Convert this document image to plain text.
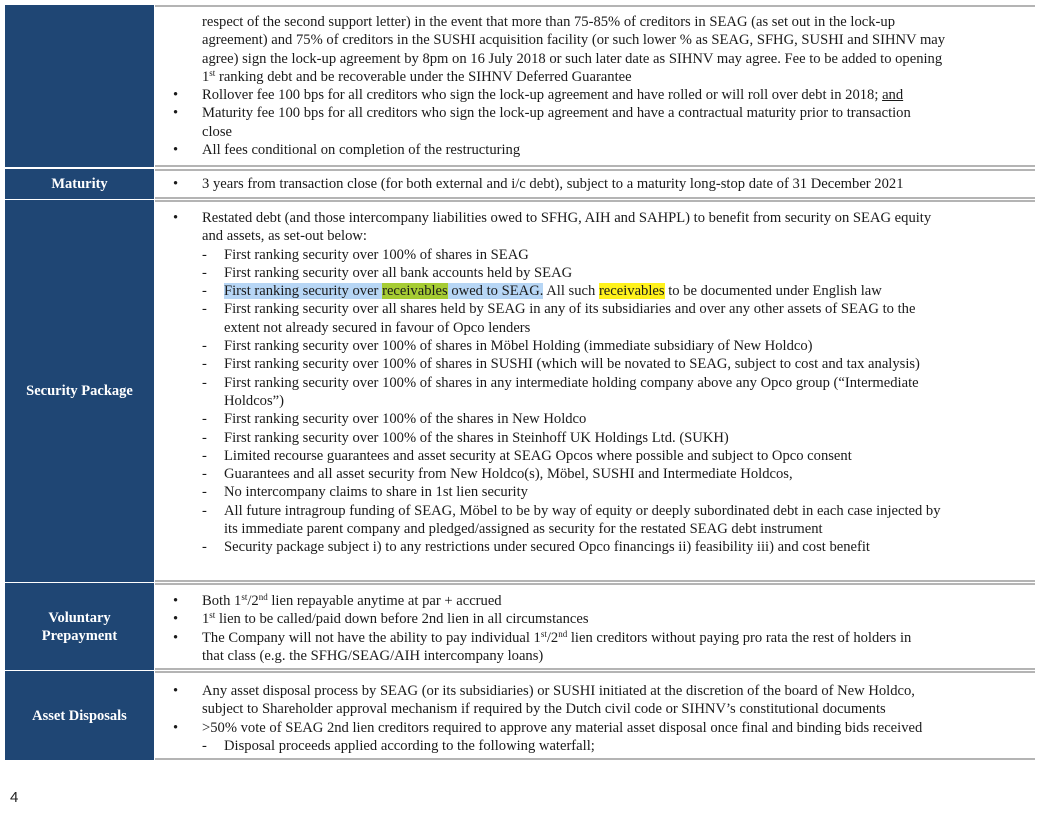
respect of the second support letter) in the event that more than 75-85% of creditors in SEAG (as set out in the lock-up
agreement) and 75% of creditors in the SUSHI acquisition facility (or such lower % as SEAG, SFHG, SUSHI and SIHNV may
agree) sign the lock-up agreement by 8pm on 16 July 2018 or such later date as SIHNV may agree. Fee to be added to opening
1st ranking debt and be recoverable under the SIHNV Deferred Guarantee
• Rollover fee 100 bps for all creditors who sign the lock-up agreement and have rolled or will roll over debt in 2018; and
• Maturity fee 100 bps for all creditors who sign the lock-up agreement and have a contractual maturity prior to transaction
close
• All fees conditional on completion of the restructuring
Maturity	• 3 years from transaction close (for both external and i/c debt), subject to a maturity long-stop date of 31 December 2021
Security Package
• Restated debt (and those intercompany liabilities owed to SFHG, AIH and SAHPL) to benefit from security on SEAG equity
and assets, as set-out below:
- First ranking security over 100% of shares in SEAG
- First ranking security over all bank accounts held by SEAG
- First ranking security over receivables owed to SEAG. All such receivables to be documented under English law
- First ranking security over all shares held by SEAG in any of its subsidiaries and over any other assets of SEAG to the
extent not already secured in favour of Opco lenders
- First ranking security over 100% of shares in Möbel Holding (immediate subsidiary of New Holdco)
- First ranking security over 100% of shares in SUSHI (which will be novated to SEAG, subject to cost and tax analysis)
- First ranking security over 100% of shares in any intermediate holding company above any Opco group (“Intermediate
Holdcos”)
- First ranking security over 100% of the shares in New Holdco
- First ranking security over 100% of the shares in Steinhoff UK Holdings Ltd. (SUKH)
- Limited recourse guarantees and asset security at SEAG Opcos where possible and subject to Opco consent
- Guarantees and all asset security from New Holdco(s), Möbel, SUSHI and Intermediate Holdcos,
- No intercompany claims to share in 1st lien security
- All future intragroup funding of SEAG, Möbel to be by way of equity or deeply subordinated debt in each case injected by
its immediate parent company and pledged/assigned as security for the restated SEAG debt instrument
- Security package subject i) to any restrictions under secured Opco financings ii) feasibility iii) and cost benefit
Voluntary
Prepayment
• Both 1st/2nd lien repayable anytime at par + accrued
• 1st lien to be called/paid down before 2nd lien in all circumstances
• The Company will not have the ability to pay individual 1st/2nd lien creditors without paying pro rata the rest of holders in
that class (e.g. the SFHG/SEAG/AIH intercompany loans)
Asset Disposals
• Any asset disposal process by SEAG (or its subsidiaries) or SUSHI initiated at the discretion of the board of New Holdco,
subject to Shareholder approval mechanism if required by the Dutch civil code or SIHNV’s constitutional documents
• >50% vote of SEAG 2nd lien creditors required to approve any material asset disposal once final and binding bids received
- Disposal proceeds applied according to the following waterfall;
4
